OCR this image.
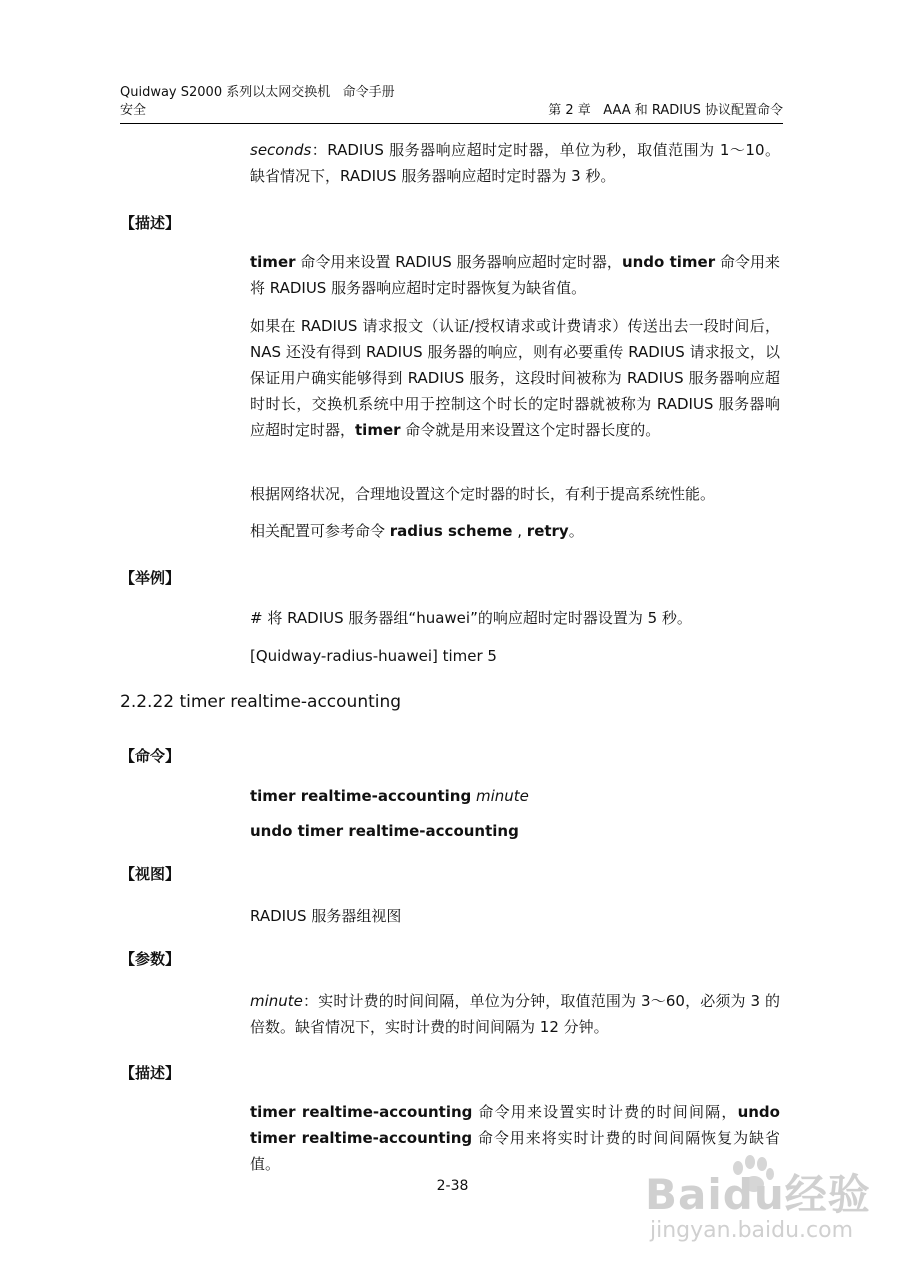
Quidway S2000 系列以太网交换机 命令手册
安全	第 2 章 AAA 和 RADIUS 协议配置命令
seconds：RADIUS 服务器响应超时定时器，单位为秒，取值范围为 1～10。缺省情况下，RADIUS 服务器响应超时定时器为 3 秒。
【描述】
timer 命令用来设置 RADIUS 服务器响应超时定时器，undo timer 命令用来将 RADIUS 服务器响应超时定时器恢复为缺省值。
如果在 RADIUS 请求报文（认证/授权请求或计费请求）传送出去一段时间后，NAS 还没有得到 RADIUS 服务器的响应，则有必要重传 RADIUS 请求报文，以保证用户确实能够得到 RADIUS 服务，这段时间被称为 RADIUS 服务器响应超时时长，交换机系统中用于控制这个时长的定时器就被称为 RADIUS 服务器响应超时定时器，timer 命令就是用来设置这个定时器长度的。
根据网络状况，合理地设置这个定时器的时长，有利于提高系统性能。
相关配置可参考命令 radius scheme , retry。
【举例】
# 将 RADIUS 服务器组“huawei”的响应超时定时器设置为 5 秒。
[Quidway-radius-huawei] timer 5
2.2.22 timer realtime-accounting
【命令】
timer realtime-accounting minute
undo timer realtime-accounting
【视图】
RADIUS 服务器组视图
【参数】
minute：实时计费的时间间隔，单位为分钟，取值范围为 3～60，必须为 3 的倍数。缺省情况下，实时计费的时间间隔为 12 分钟。
【描述】
timer realtime-accounting 命令用来设置实时计费的时间间隔，undo timer realtime-accounting 命令用来将实时计费的时间间隔恢复为缺省值。
2-38	Baidu经验
jingyan.baidu.com
